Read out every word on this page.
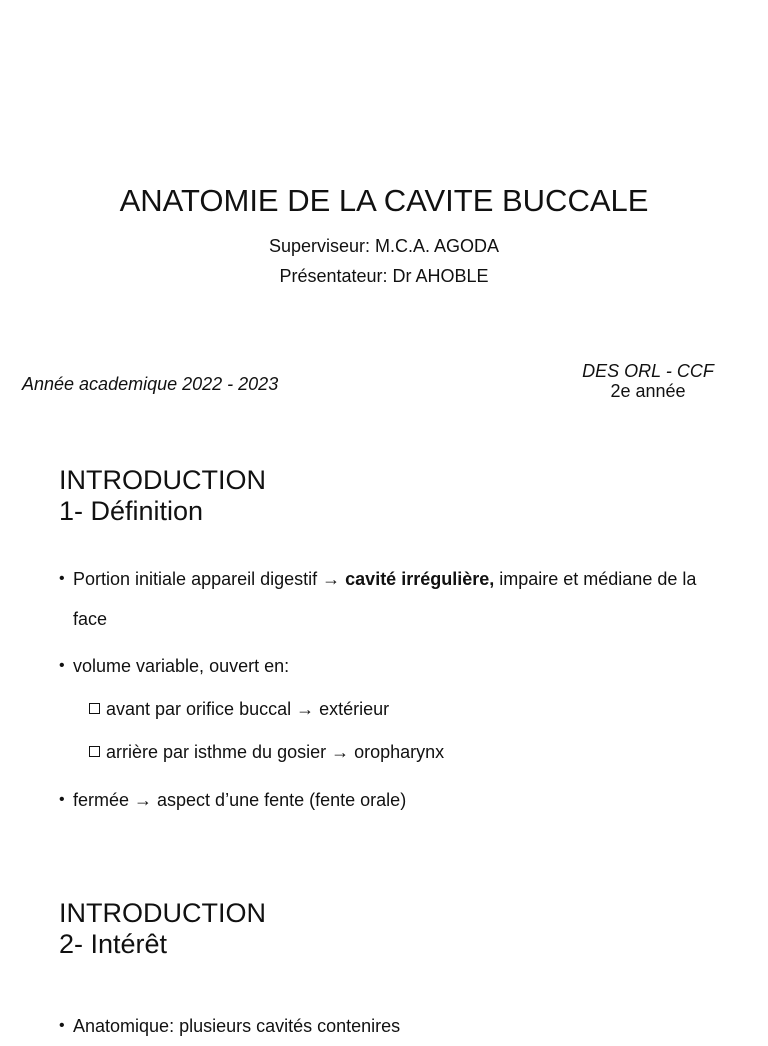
ANATOMIE DE LA CAVITE BUCCALE
Superviseur: M.C.A. AGODA
Présentateur: Dr AHOBLE
Année academique 2022 - 2023
DES ORL - CCF
2e année
INTRODUCTION
1- Définition
• Portion initiale appareil digestif → cavité irrégulière, impaire et médiane de la face
• volume variable, ouvert en:
avant par orifice buccal → extérieur
arrière par isthme du gosier → oropharynx
• fermée → aspect d’une fente (fente orale)
INTRODUCTION
2- Intérêt
• Anatomique: plusieurs cavités contenires
